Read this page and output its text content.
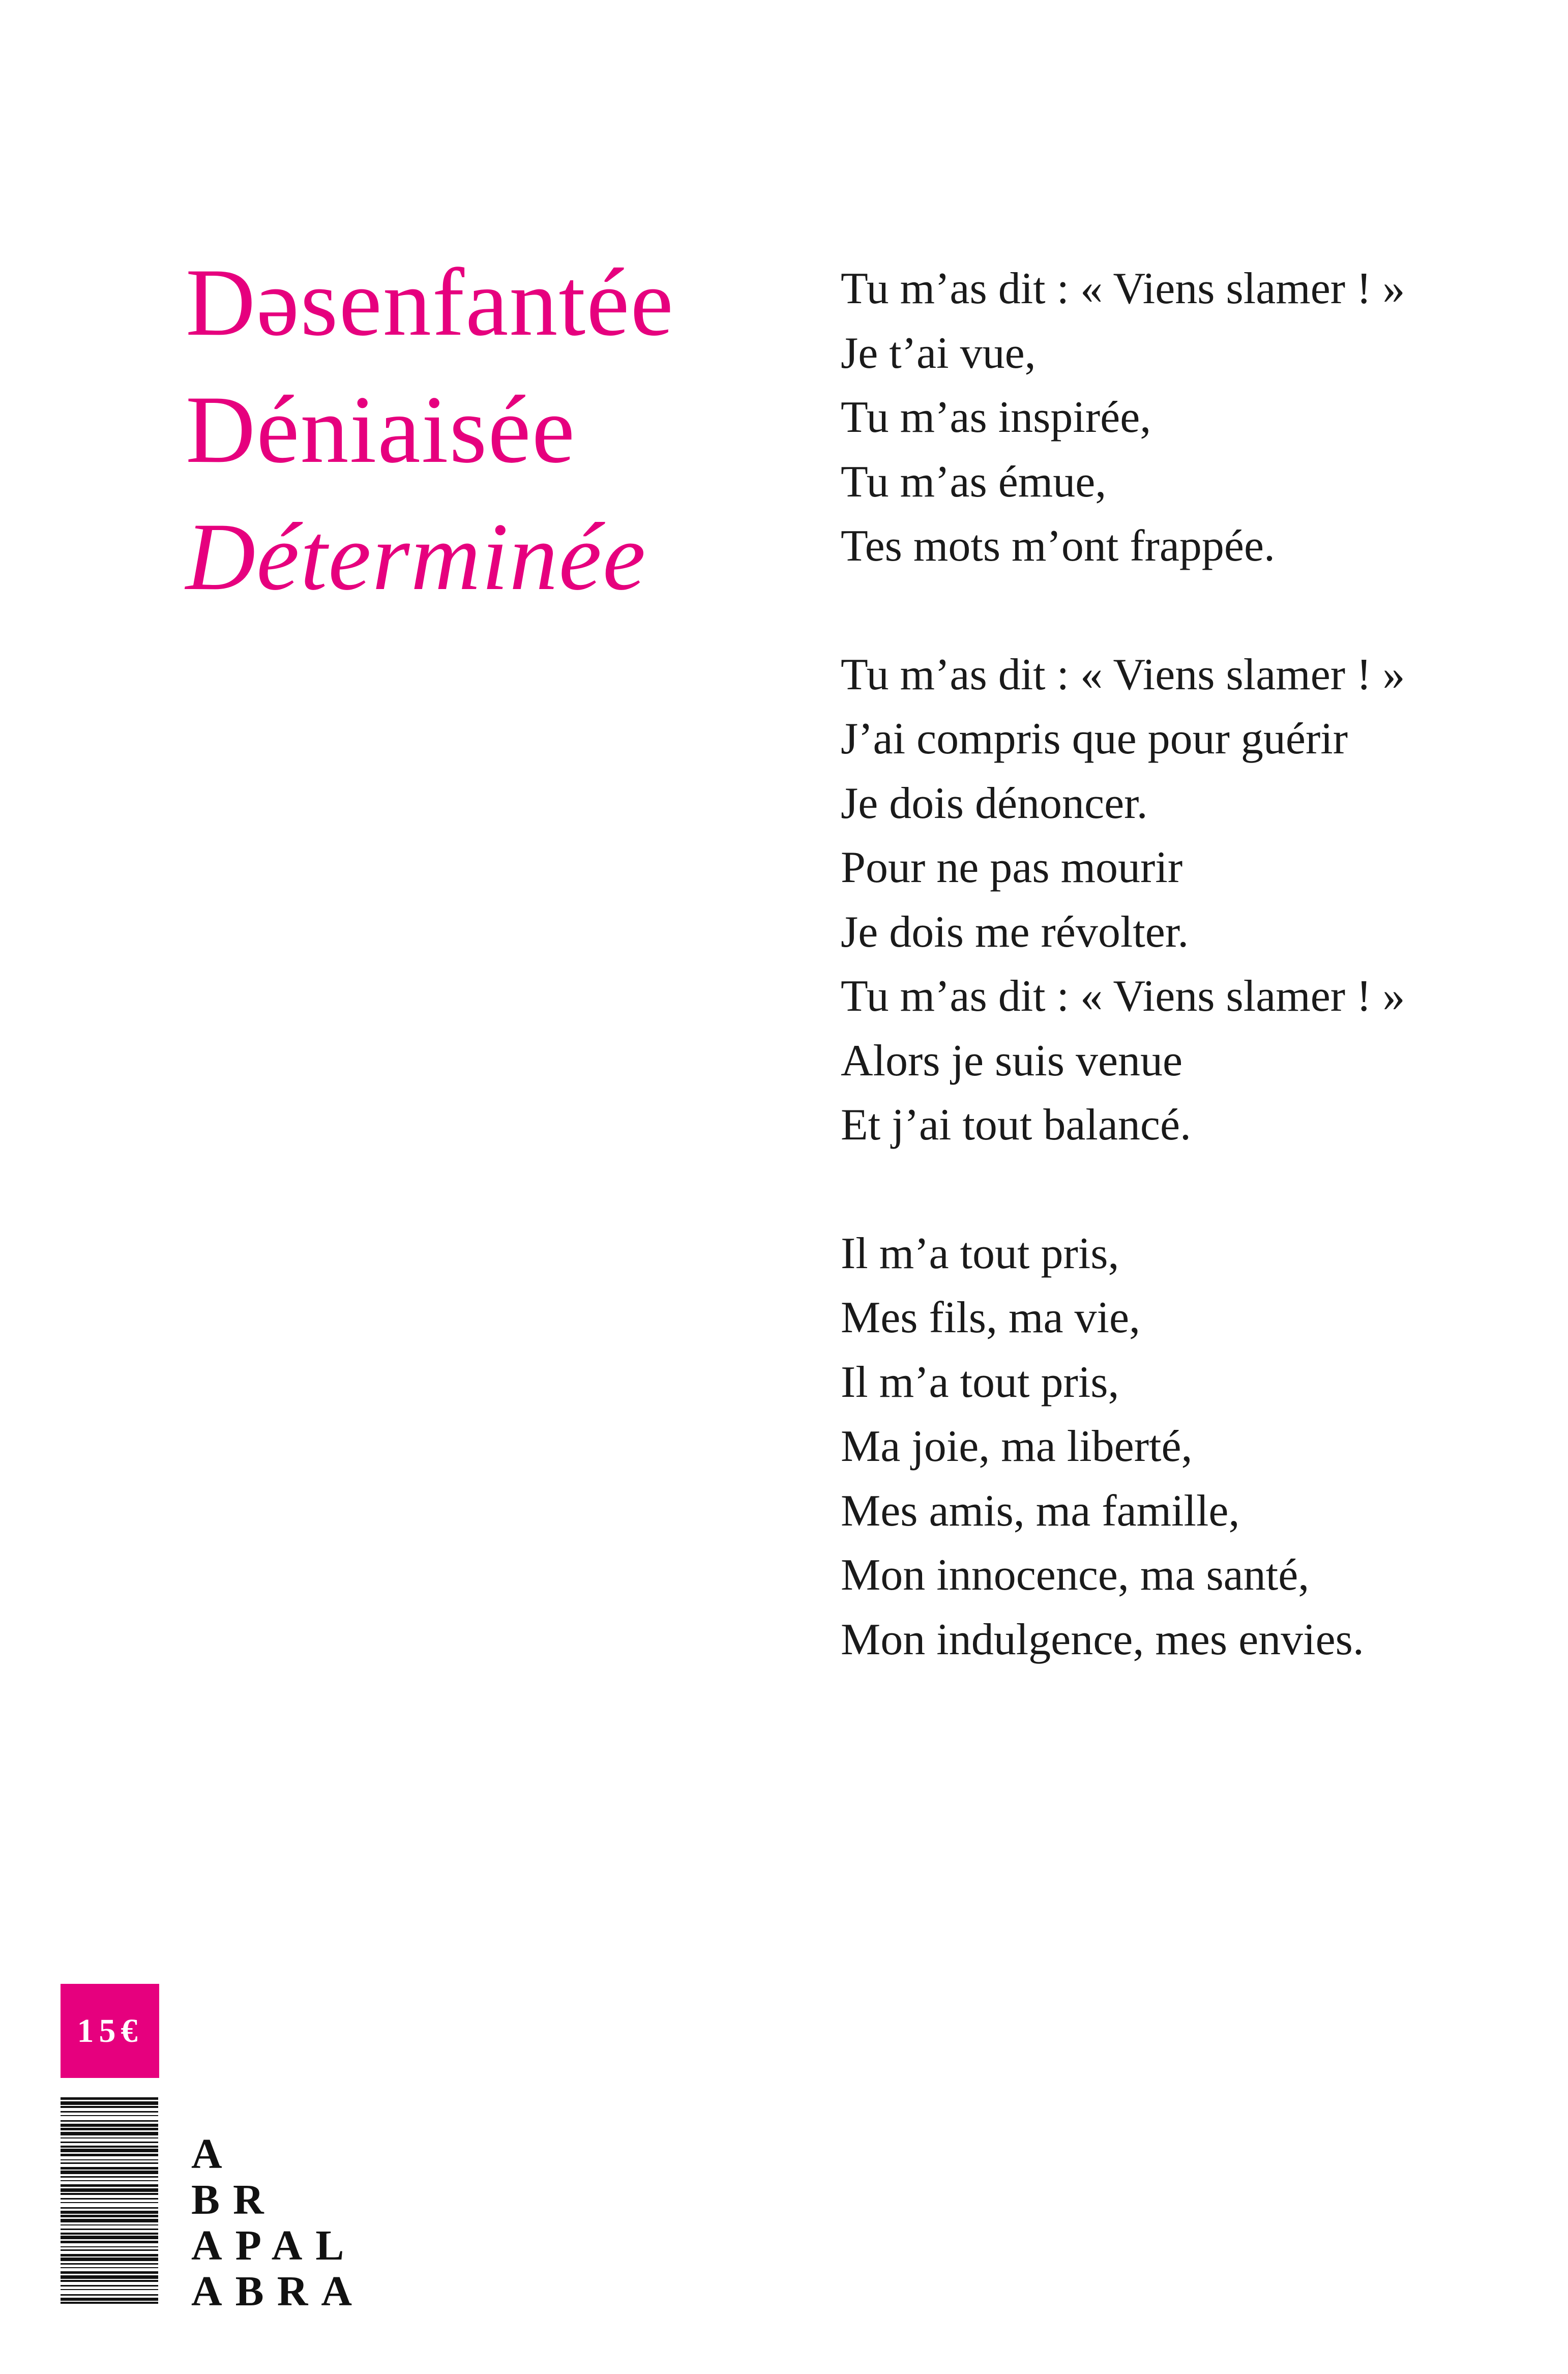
Dəsenfantée
Déniaisée
Déterminée
Tu m’as dit : « Viens slamer ! »
Je t’ai vue,
Tu m’as inspirée,
Tu m’as émue,
Tes mots m’ont frappée.
Tu m’as dit : « Viens slamer ! »
J’ai compris que pour guérir
Je dois dénoncer.
Pour ne pas mourir
Je dois me révolter.
Tu m’as dit : « Viens slamer ! »
Alors je suis venue
Et j’ai tout balancé.
Il m’a tout pris,
Mes fils, ma vie,
Il m’a tout pris,
Ma joie, ma liberté,
Mes amis, ma famille,
Mon innocence, ma santé,
Mon indulgence, mes envies.
15€
A
BR
APAL
ABRA
